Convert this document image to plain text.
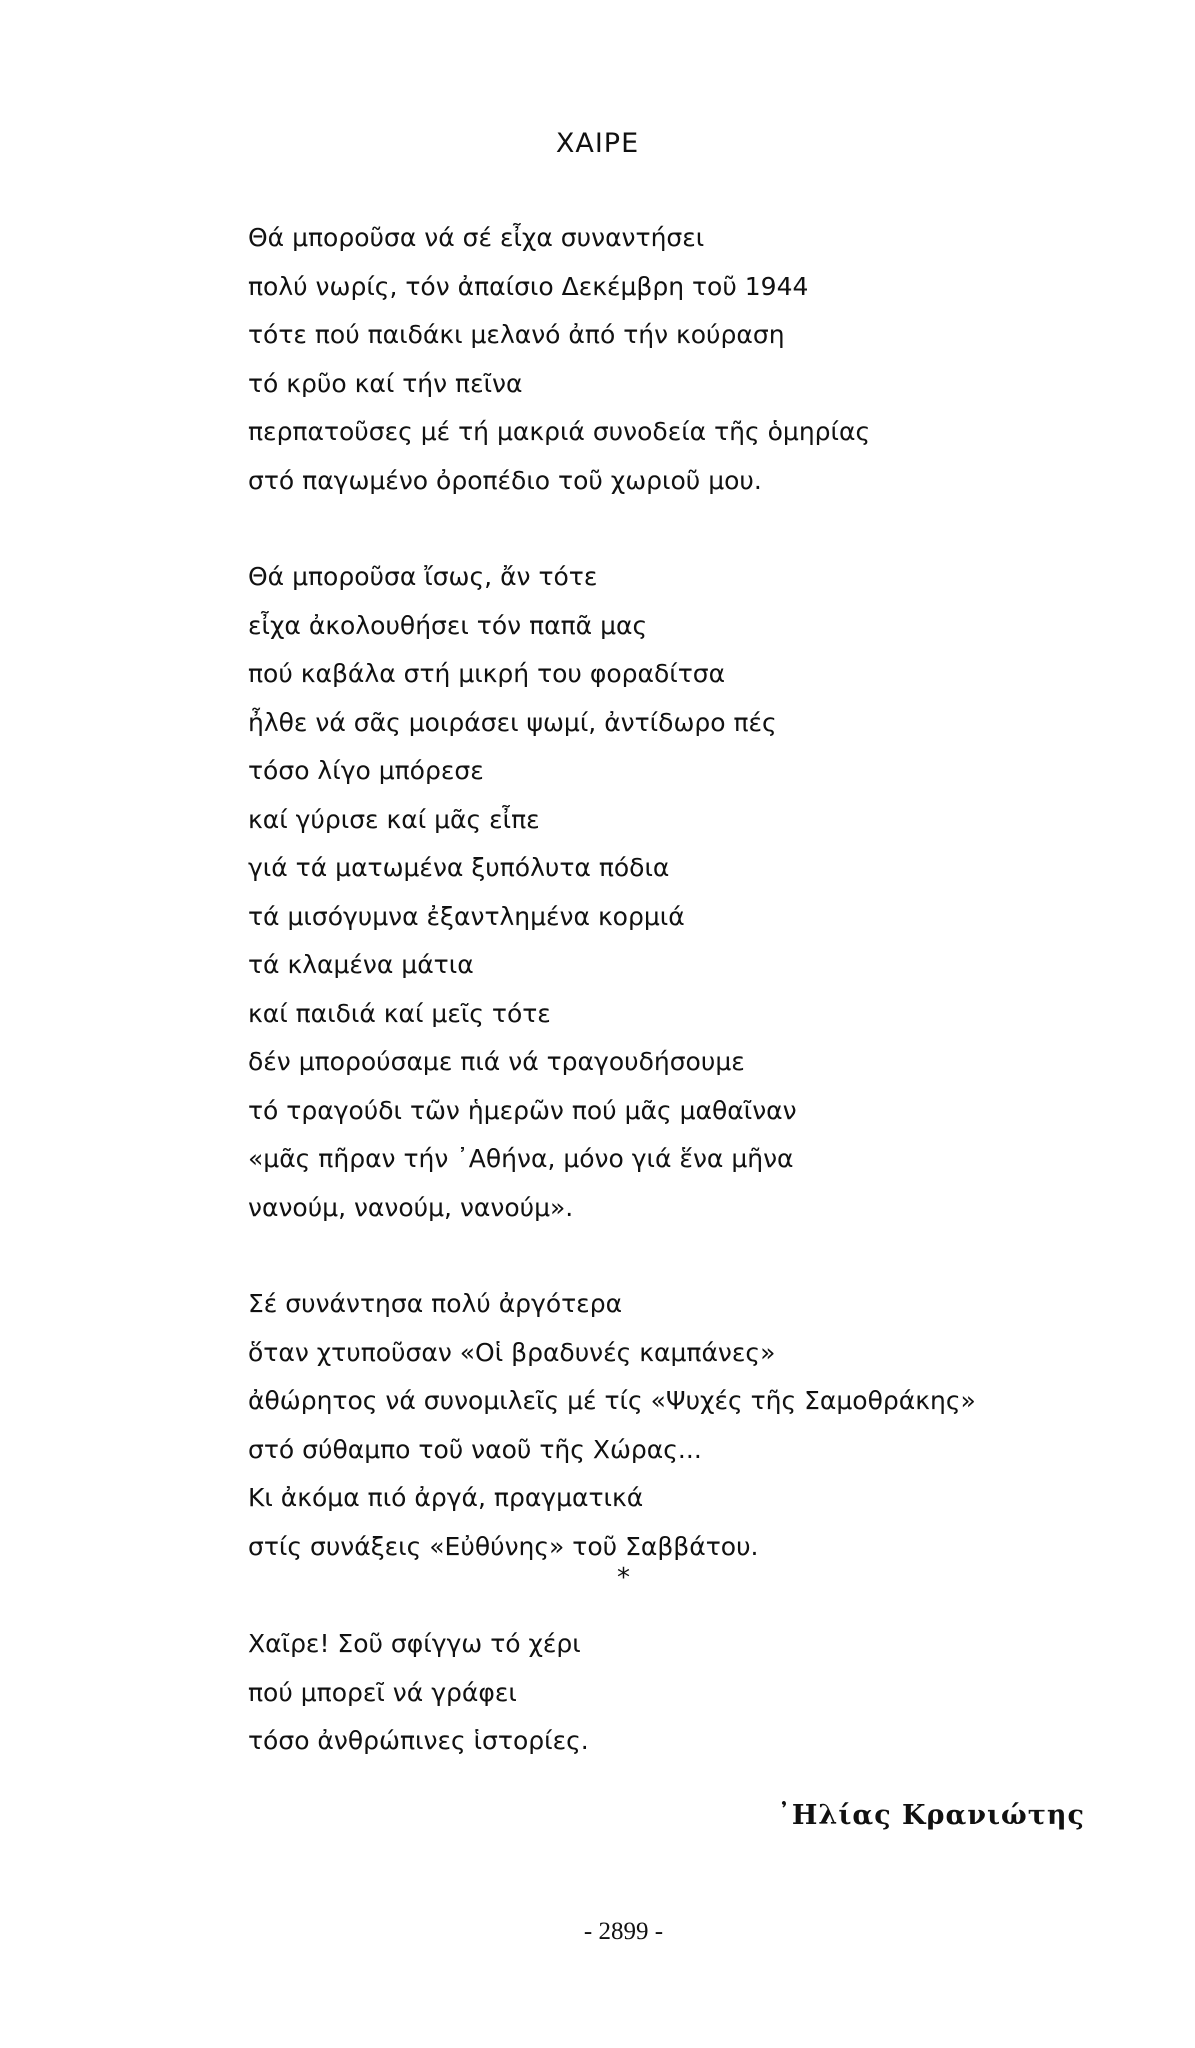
ΧΑΙΡΕ
Θά μποροῦσα νά σέ εἶχα συναντήσει
πολύ νωρίς, τόν ἀπαίσιο Δεκέμβρη τοῦ 1944
τότε πού παιδάκι μελανό ἀπό τήν κούραση
τό κρῦο καί τήν πεῖνα
περπατοῦσες μέ τή μακριά συνοδεία τῆς ὁμηρίας
στό παγωμένο ὀροπέδιο τοῦ χωριοῦ μου.
Θά μποροῦσα ἴσως, ἄν τότε
εἶχα ἀκολουθήσει τόν παπᾶ μας
πού καβάλα στή μικρή του φοραδίτσα
ἦλθε νά σᾶς μοιράσει ψωμί, ἀντίδωρο πές
τόσο λίγο μπόρεσε
καί γύρισε καί μᾶς εἶπε
γιά τά ματωμένα ξυπόλυτα πόδια
τά μισόγυμνα ἐξαντλημένα κορμιά
τά κλαμένα μάτια
καί παιδιά καί μεῖς τότε
δέν μπορούσαμε πιά νά τραγουδήσουμε
τό τραγούδι τῶν ἡμερῶν πού μᾶς μαθαῖναν
«μᾶς πῆραν τήν ᾿Αθήνα, μόνο γιά ἕνα μῆνα
νανούμ, νανούμ, νανούμ».
Σέ συνάντησα πολύ ἀργότερα
ὅταν χτυποῦσαν «Οἱ βραδυνές καμπάνες»
ἀθώρητος νά συνομιλεῖς μέ τίς «Ψυχές τῆς Σαμοθράκης»
στό σύθαμπο τοῦ ναοῦ τῆς Χώρας...
Κι ἀκόμα πιό ἀργά, πραγματικά
στίς συνάξεις «Εὐθύνης» τοῦ Σαββάτου.
*
Χαῖρε! Σοῦ σφίγγω τό χέρι
πού μπορεῖ νά γράφει
τόσο ἀνθρώπινες ἱστορίες.
᾿Ηλίας Κρανιώτης
- 2899 -
